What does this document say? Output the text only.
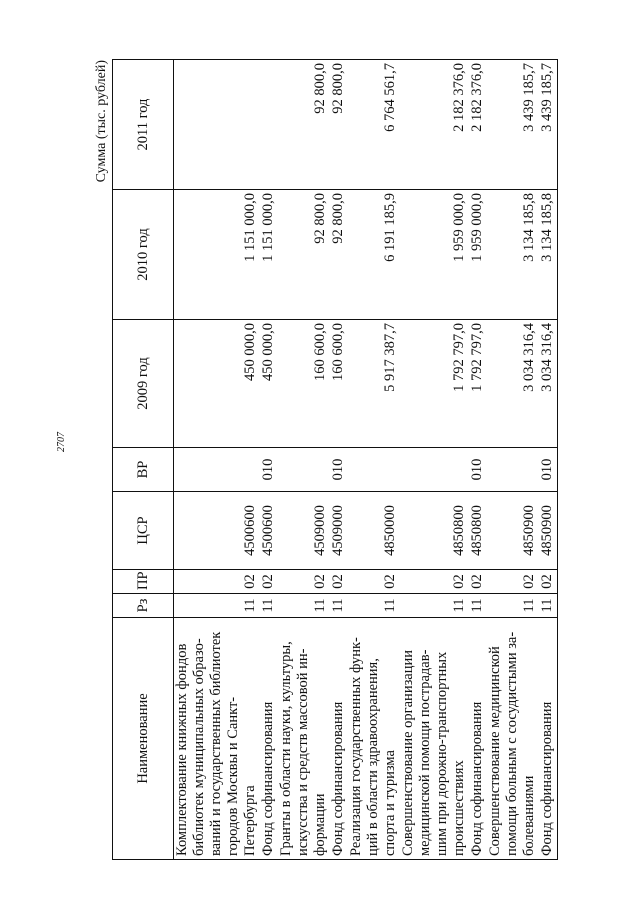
2707
Сумма (тыс. рублей)
Наименование	Рз	ПР	ЦСР	ВР	2009 год	2010 год	2011 год
Комплектование книжных фондов
библиотек муниципальных образо-
ваний и государственных библиотек
городов Москвы и Санкт-
Петербурга	11	02	4500600		450 000,0	1 151 000,0	
Фонд софинансирования	11	02	4500600	010	450 000,0	1 151 000,0	
Гранты в области науки, культуры,
искусства и средств массовой ин-
формации	11	02	4509000		160 600,0	92 800,0	92 800,0
Фонд софинансирования	11	02	4509000	010	160 600,0	92 800,0	92 800,0
Реализация государственных функ-
ций в области здравоохранения,
спорта и туризма	11	02	4850000		5 917 387,7	6 191 185,9	6 764 561,7
Совершенствование организации
медицинской помощи пострадав-
шим при дорожно-транспортных
происшествиях	11	02	4850800		1 792 797,0	1 959 000,0	2 182 376,0
Фонд софинансирования	11	02	4850800	010	1 792 797,0	1 959 000,0	2 182 376,0
Совершенствование медицинской
помощи больным с сосудистыми за-
болеваниями	11	02	4850900		3 034 316,4	3 134 185,8	3 439 185,7
Фонд софинансирования	11	02	4850900	010	3 034 316,4	3 134 185,8	3 439 185,7
